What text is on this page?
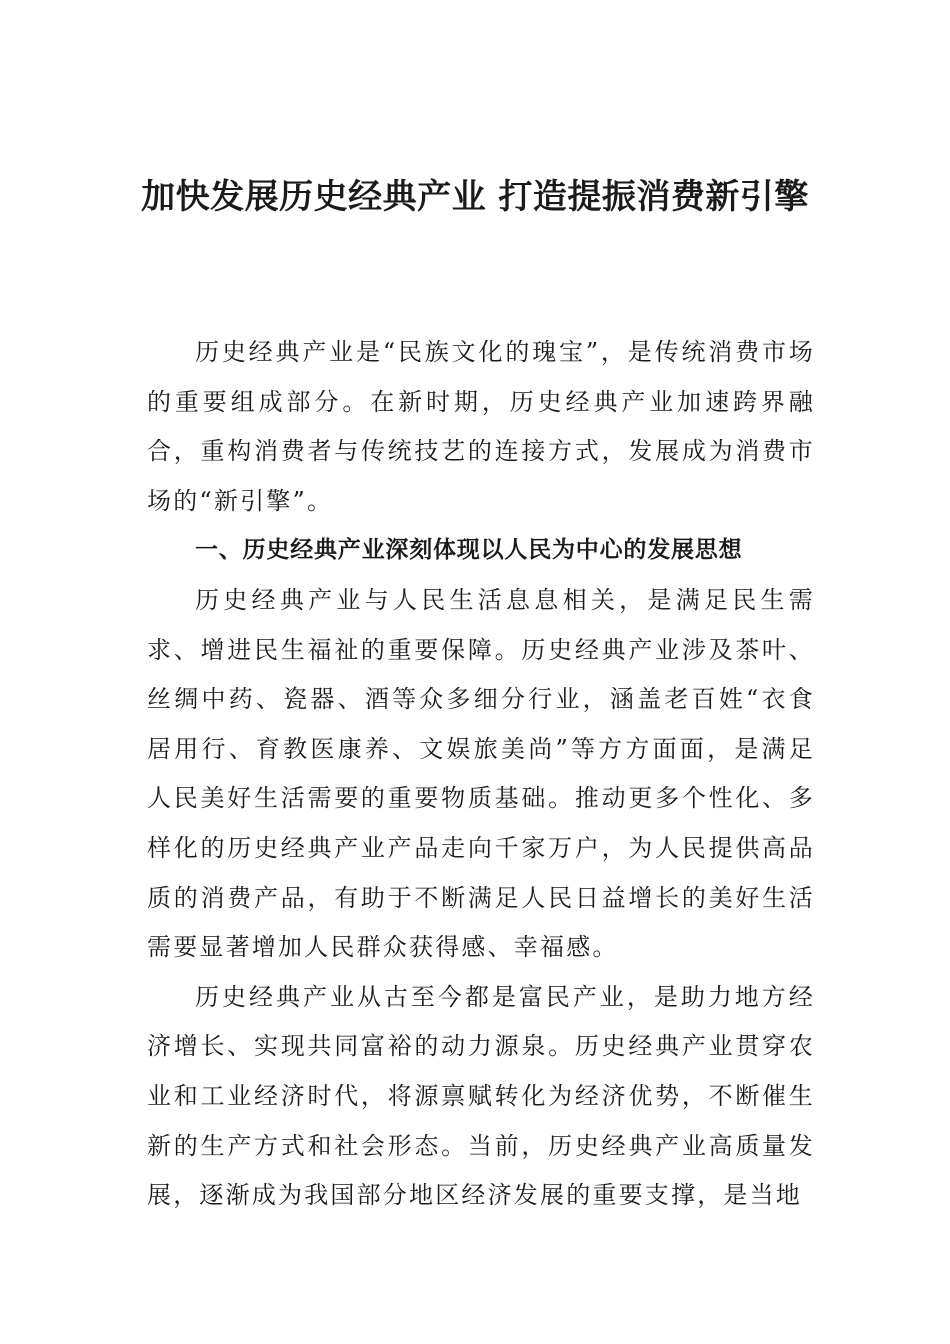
加快发展历史经典产业 打造提振消费新引擎

历史经典产业是“民族文化的瑰宝”，是传统消费市场的重要组成部分。在新时期，历史经典产业加速跨界融合，重构消费者与传统技艺的连接方式，发展成为消费市场的“新引擎”。

一、历史经典产业深刻体现以人民为中心的发展思想

历史经典产业与人民生活息息相关，是满足民生需求、增进民生福祉的重要保障。历史经典产业涉及茶叶、丝绸中药、瓷器、酒等众多细分行业，涵盖老百姓“衣食居用行、育教医康养、文娱旅美尚”等方方面面，是满足人民美好生活需要的重要物质基础。推动更多个性化、多样化的历史经典产业产品走向千家万户，为人民提供高品质的消费产品，有助于不断满足人民日益增长的美好生活需要显著增加人民群众获得感、幸福感。

历史经典产业从古至今都是富民产业，是助力地方经济增长、实现共同富裕的动力源泉。历史经典产业贯穿农业和工业经济时代，将源禀赋转化为经济优势，不断催生新的生产方式和社会形态。当前，历史经典产业高质量发展，逐渐成为我国部分地区经济发展的重要支撑，是当地
